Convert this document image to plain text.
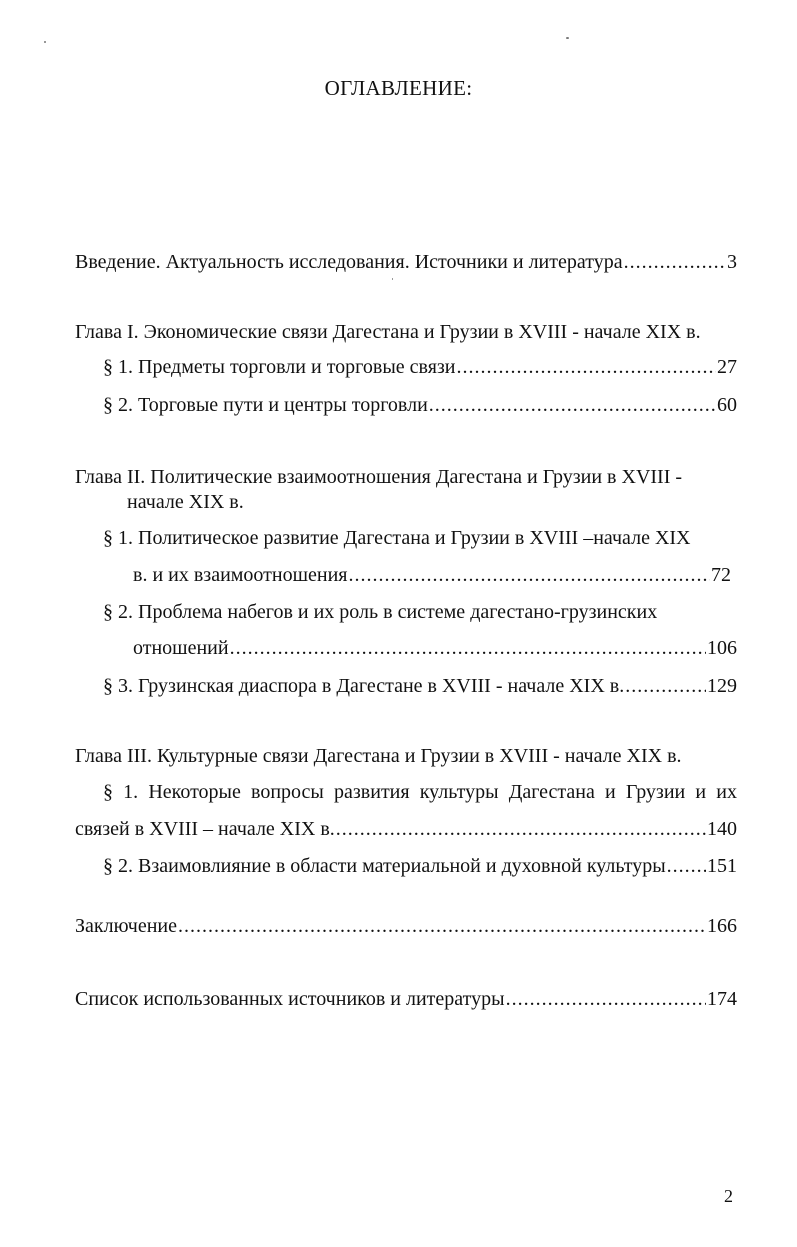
ОГЛАВЛЕНИЕ:
Введение. Актуальность исследования. Источники и литература .....	3
Глава I. Экономические связи Дагестана и Грузии в XVIII - начале XIX в.
§ 1. Предметы торговли и торговые связи .....	27
§ 2. Торговые пути и центры торговли .....	60
Глава II. Политические взаимоотношения Дагестана и Грузии в XVIII -
начале XIX в.
§ 1. Политическое развитие Дагестана и Грузии в XVIII –начале XIX
в. и их взаимоотношения .....	72
§ 2. Проблема набегов и их роль в системе дагестано-грузинских
отношений .....	106
§ 3. Грузинская диаспора в Дагестане в XVIII - начале XIX в. .....	129
Глава III. Культурные связи Дагестана и Грузии в XVIII - начале XIX в.
§ 1. Некоторые вопросы развития культуры Дагестана и Грузии и их
связей в XVIII – начале XIX в. .....	140
§ 2. Взаимовлияние в области материальной и духовной культуры ..... 151
Заключение .....	166
Список использованных источников и литературы .....	174
2
